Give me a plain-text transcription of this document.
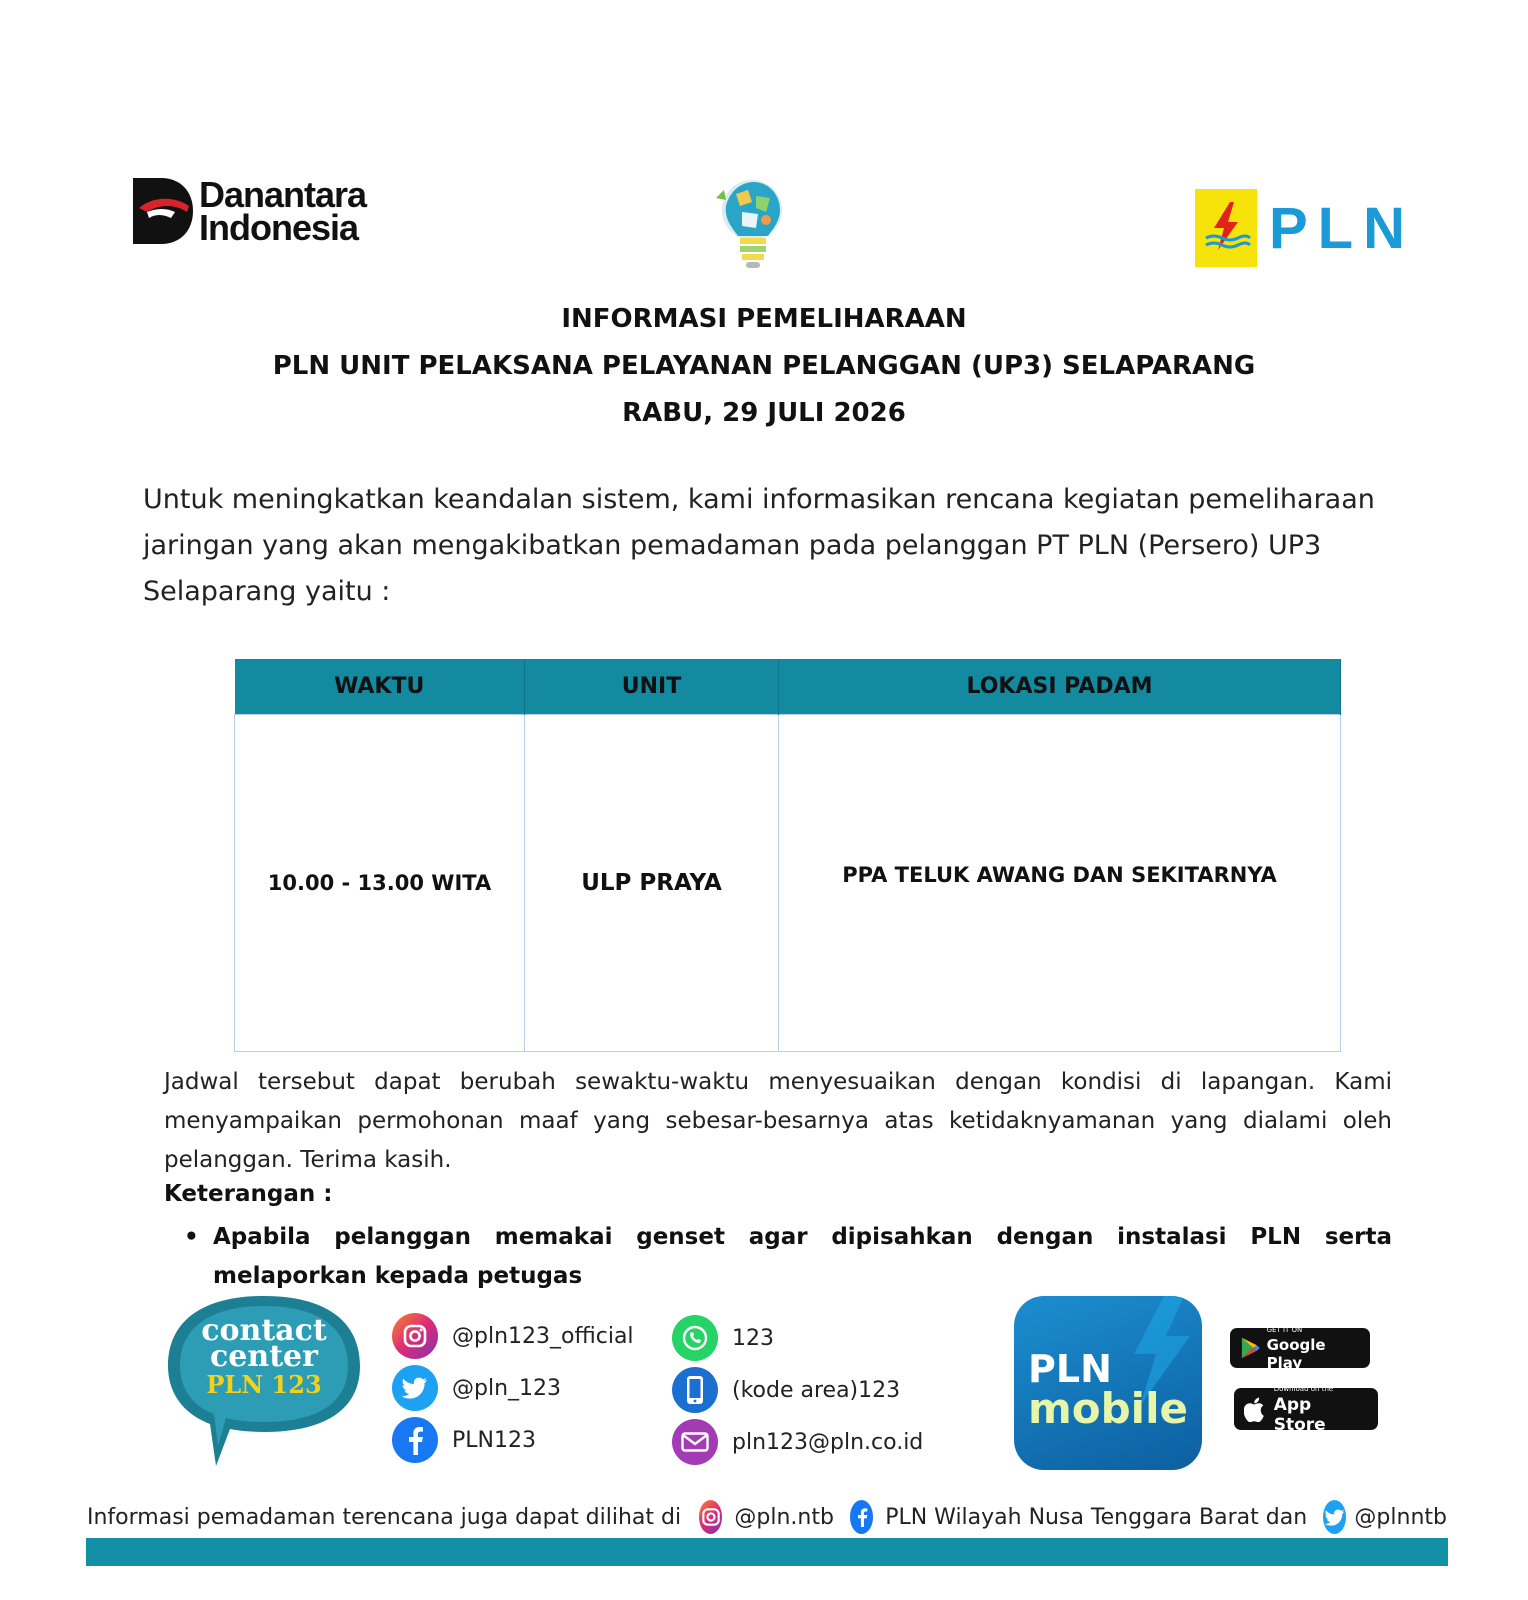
Danantara
Indonesia	PLN
INFORMASI PEMELIHARAAN
PLN UNIT PELAKSANA PELAYANAN PELANGGAN (UP3) SELAPARANG
RABU, 29 JULI 2026

Untuk meningkatkan keandalan sistem, kami informasikan rencana kegiatan pemeliharaan jaringan yang akan mengakibatkan pemadaman pada pelanggan PT PLN (Persero) UP3 Selaparang yaitu :

WAKTU	UNIT	LOKASI PADAM
10.00 - 13.00 WITA	ULP PRAYA	PPA TELUK AWANG DAN SEKITARNYA

Jadwal tersebut dapat berubah sewaktu-waktu menyesuaikan dengan kondisi di lapangan. Kami menyampaikan permohonan maaf yang sebesar-besarnya atas ketidaknyamanan yang dialami oleh pelanggan. Terima kasih.

Keterangan :
• Apabila pelanggan memakai genset agar dipisahkan dengan instalasi PLN serta melaporkan kepada petugas
contact
center
PLN 123
@pln123_official
@pln_123
PLN123
123
(kode area)123
pln123@pln.co.id
PLN
mobile
GET IT ON
Google Play
Download on the
App Store
Informasi pemadaman terencana juga dapat dilihat di @pln.ntb PLN Wilayah Nusa Tenggara Barat dan @plnntb
